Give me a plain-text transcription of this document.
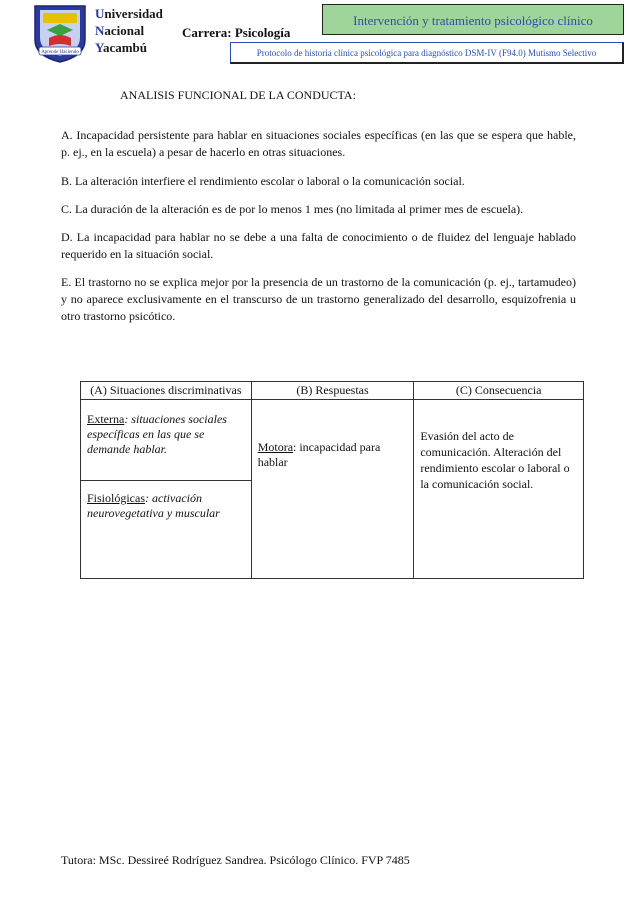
Aprende Haciendo
Universidad
Nacional
Yacambú
Carrera: Psicología
Intervención y tratamiento psicológico clínico
Protocolo de historia clínica psicológica para diagnóstico DSM-IV (F94.0) Mutismo Selectivo
ANALISIS FUNCIONAL DE LA CONDUCTA:

A. Incapacidad persistente para hablar en situaciones sociales específicas (en las que se espera que hable, p. ej., en la escuela) a pesar de hacerlo en otras situaciones.

B. La alteración interfiere el rendimiento escolar o laboral o la comunicación social.

C. La duración de la alteración es de por lo menos 1 mes (no limitada al primer mes de escuela).

D. La incapacidad para hablar no se debe a una falta de conocimiento o de fluidez del lenguaje hablado requerido en la situación social.

E. El trastorno no se explica mejor por la presencia de un trastorno de la comunicación (p. ej., tartamudeo) y no aparece exclusivamente en el transcurso de un trastorno generalizado del desarrollo, esquizofrenia u otro trastorno psicótico.

(A) Situaciones discriminativas	(B) Respuestas	(C) Consecuencia

Externa: situaciones sociales específicas en las que se demande hablar.	Motora: incapacidad para hablar	Evasión del acto de comunicación. Alteración del rendimiento escolar o laboral o la comunicación social.

Fisiológicas: activación neurovegetativa y muscular		
Tutora: MSc. Dessireé Rodríguez Sandrea. Psicólogo Clínico. FVP 7485
